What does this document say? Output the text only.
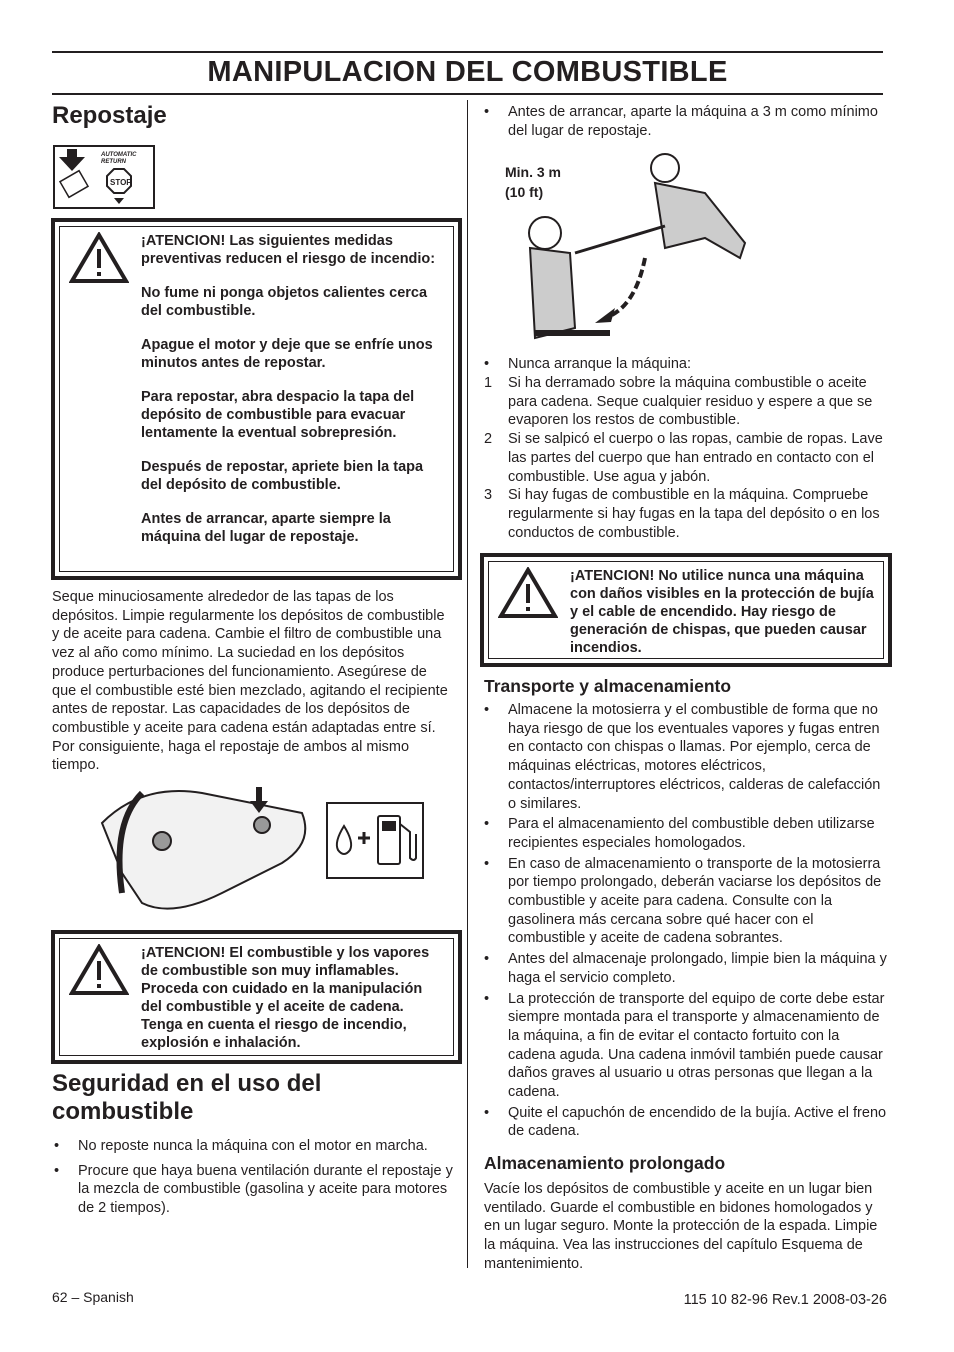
MANIPULACION DEL COMBUSTIBLE
Repostaje
AUTOMATIC
RETURN
STOP

¡ATENCION! Las siguientes medidas preventivas reducen el riesgo de incendio:

No fume ni ponga objetos calientes cerca del combustible.

Apague el motor y deje que se enfríe unos minutos antes de repostar.

Para repostar, abra despacio la tapa del depósito de combustible para evacuar lentamente la eventual sobrepresión.

Después de repostar, apriete bien la tapa del depósito de combustible.

Antes de arrancar, aparte siempre la máquina del lugar de repostaje.

Seque minuciosamente alrededor de las tapas de los depósitos. Limpie regularmente los depósitos de combustible y de aceite para cadena. Cambie el filtro de combustible una vez al año como mínimo. La suciedad en los depósitos produce perturbaciones del funcionamiento. Asegúrese de que el combustible esté bien mezclado, agitando el recipiente antes de repostar. Las capacidades de los depósitos de combustible y aceite para cadena están adaptadas entre sí. Por consiguiente, haga el repostaje de ambos al mismo tiempo.

¡ATENCION! El combustible y los vapores de combustible son muy inflamables. Proceda con cuidado en la manipulación del combustible y el aceite de cadena. Tenga en cuenta el riesgo de incendio, explosión e inhalación.

Seguridad en el uso del combustible
• No reposte nunca la máquina con el motor en marcha.
• Procure que haya buena ventilación durante el repostaje y la mezcla de combustible (gasolina y aceite para motores de 2 tiempos).
• Antes de arrancar, aparte la máquina a 3 m como mínimo del lugar de repostaje.
Min. 3 m
(10 ft)
• Nunca arranque la máquina:
1 Si ha derramado sobre la máquina combustible o aceite para cadena. Seque cualquier residuo y espere a que se evaporen los restos de combustible.
2 Si se salpicó el cuerpo o las ropas, cambie de ropas. Lave las partes del cuerpo que han entrado en contacto con el combustible. Use agua y jabón.
3 Si hay fugas de combustible en la máquina. Compruebe regularmente si hay fugas en la tapa del depósito o en los conductos de combustible.

¡ATENCION! No utilice nunca una máquina con daños visibles en la protección de bujía y el cable de encendido. Hay riesgo de generación de chispas, que pueden causar incendios.

Transporte y almacenamiento
• Almacene la motosierra y el combustible de forma que no haya riesgo de que los eventuales vapores y fugas entren en contacto con chispas o llamas. Por ejemplo, cerca de máquinas eléctricas, motores eléctricos, contactos/interruptores eléctricos, calderas de calefacción o similares.
• Para el almacenamiento del combustible deben utilizarse recipientes especiales homologados.
• En caso de almacenamiento o transporte de la motosierra por tiempo prolongado, deberán vaciarse los depósitos de combustible y aceite para cadena. Consulte con la gasolinera más cercana sobre qué hacer con el combustible y aceite de cadena sobrantes.
• Antes del almacenaje prolongado, limpie bien la máquina y haga el servicio completo.
• La protección de transporte del equipo de corte debe estar siempre montada para el transporte y almacenamiento de la máquina, a fin de evitar el contacto fortuito con la cadena aguda. Una cadena inmóvil también puede causar daños graves al usuario u otras personas que llegan a la cadena.
• Quite el capuchón de encendido de la bujía. Active el freno de cadena.
Almacenamiento prolongado

Vacíe los depósitos de combustible y aceite en un lugar bien ventilado. Guarde el combustible en bidones homologados y en un lugar seguro. Monte la protección de la espada. Limpie la máquina. Vea las instrucciones del capítulo Esquema de mantenimiento.

62 – Spanish	115 10 82-96 Rev.1 2008-03-26
